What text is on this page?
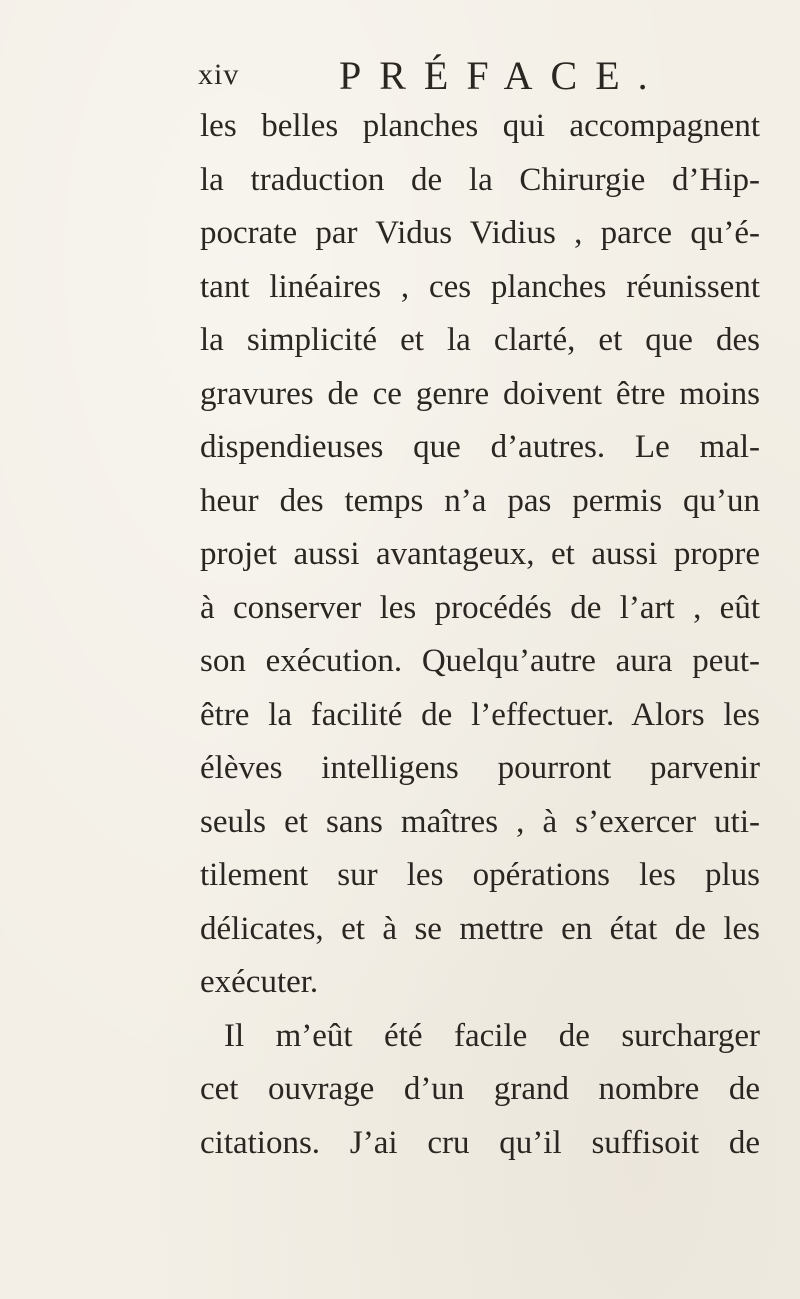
xiv PRÉFACE.
les belles planches qui accompagnent
la traduction de la Chirurgie d’Hip-
pocrate par Vidus Vidius , parce qu’é-
tant linéaires , ces planches réunissent
la simplicité et la clarté, et que des
gravures de ce genre doivent être moins
dispendieuses que d’autres. Le mal-
heur des temps n’a pas permis qu’un
projet aussi avantageux, et aussi propre
à conserver les procédés de l’art , eût
son exécution. Quelqu’autre aura peut-
être la facilité de l’effectuer. Alors les
élèves intelligens pourront parvenir
seuls et sans maîtres , à s’exercer uti-
tilement sur les opérations les plus
délicates, et à se mettre en état de les
exécuter.
Il m’eût été facile de surcharger
cet ouvrage d’un grand nombre de
citations. J’ai cru qu’il suffisoit de
